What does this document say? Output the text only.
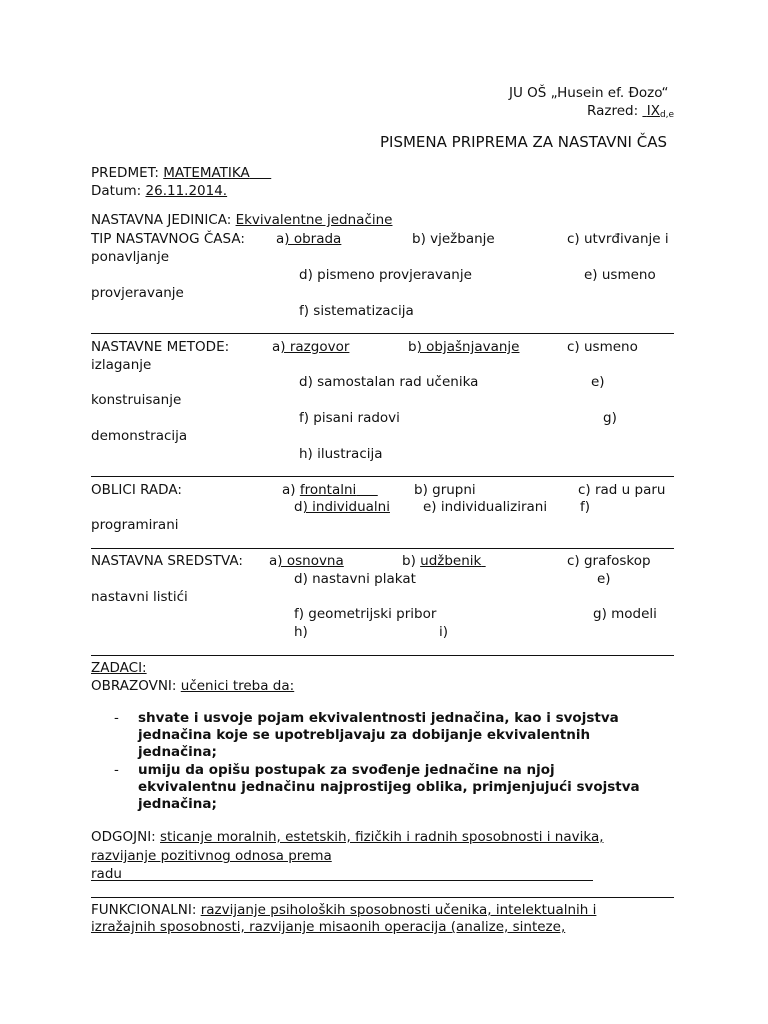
JU OŠ „Husein ef. Đozo“
Razred: $IX_{d,e}$
PISMENA PRIPREMA ZA NASTAVNI ČAS
PREDMET: MATEMATIKA
Datum: 26.11.2014.
NASTAVNA JEDINICA: Ekvivalentne jednačine
TIP NASTAVNOG ČASA: a) obrada	b) vježbanje	c) utvrđivanje i
ponavljanje
d) pismeno provjeravanje	e) usmeno
provjeravanje
f) sistematizacija
NASTAVNE METODE:	a) razgovor	b) objašnjavanje	c) usmeno
izlaganje
d) samostalan rad učenika	e)
konstruisanje
f) pisani radovi	g)
demonstracija
h) ilustracija
OBLICI RADA:	a) frontalni	b) grupni	c) rad u paru
d) individualni e) individualizirani f)
programirani
NASTAVNA SREDSTVA: a) osnovna	b) udžbenik	c) grafoskop
d) nastavni plakat	e)
nastavni listići
f) geometrijski pribor	g) modeli
h)	i)
ZADACI:
OBRAZOVNI: učenici treba da:
- shvate i usvoje pojam ekvivalentnosti jednačina, kao i svojstva
jednačina koje se upotrebljavaju za dobijanje ekvivalentnih
jednačina;
- umiju da opišu postupak za svođenje jednačine na njoj
ekvivalentnu jednačinu najprostijeg oblika, primjenjujući svojstva
jednačina;
ODGOJNI: sticanje moralnih, estetskih, fizičkih i radnih sposobnosti i navika,
razvijanje pozitivnog odnosa prema
radu
FUNKCIONALNI: razvijanje psiholoških sposobnosti učenika, intelektualnih i
izražajnih sposobnosti, razvijanje misaonih operacija (analize, sinteze,
